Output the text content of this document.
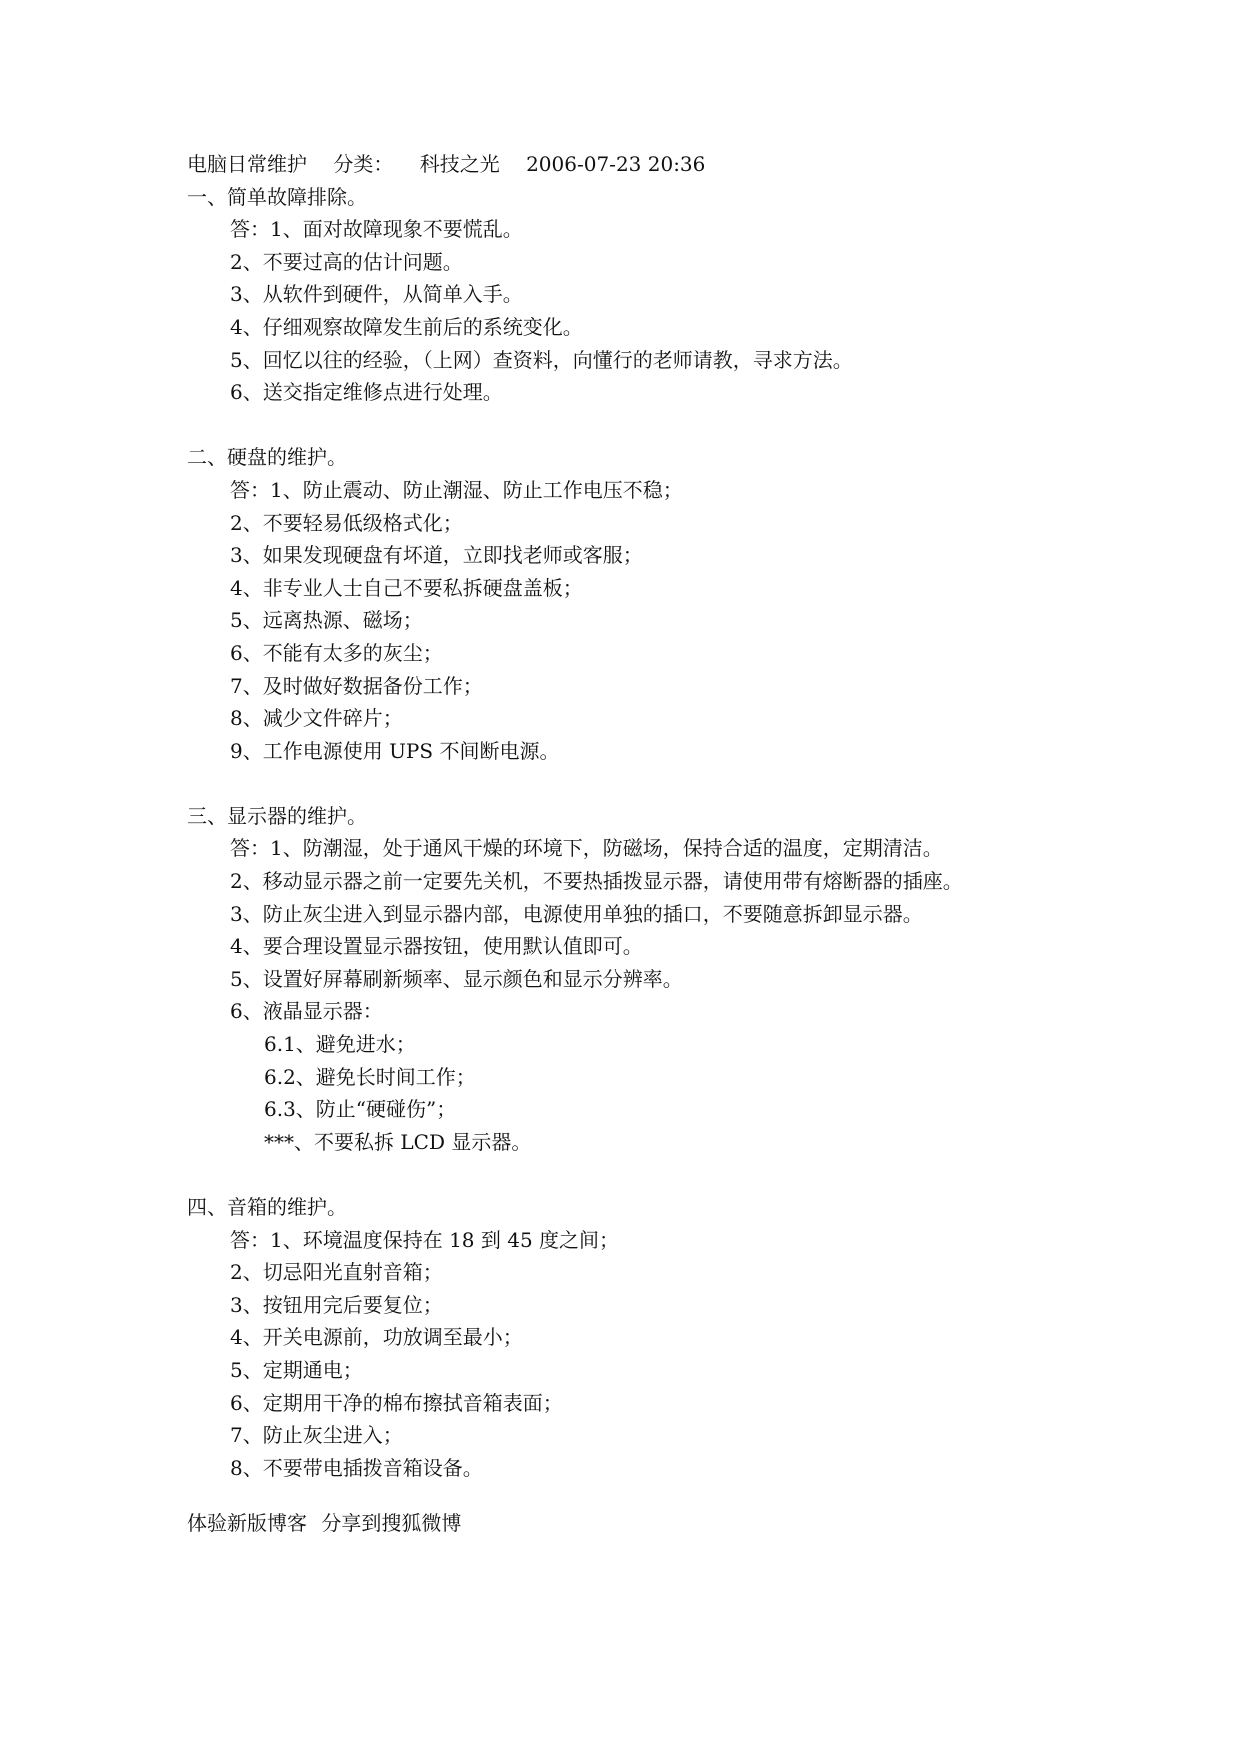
电脑日常维护 分类： 科技之光 2006-07-23 20:36
一、简单故障排除。
答：1、面对故障现象不要慌乱。
2、不要过高的估计问题。
3、从软件到硬件，从简单入手。
4、仔细观察故障发生前后的系统变化。
5、回忆以往的经验，（上网）查资料，向懂行的老师请教，寻求方法。
6、送交指定维修点进行处理。
二、硬盘的维护。
答：1、防止震动、防止潮湿、防止工作电压不稳；
2、不要轻易低级格式化；
3、如果发现硬盘有坏道，立即找老师或客服；
4、非专业人士自己不要私拆硬盘盖板；
5、远离热源、磁场；
6、不能有太多的灰尘；
7、及时做好数据备份工作；
8、减少文件碎片；
9、工作电源使用 UPS 不间断电源。
三、显示器的维护。
答：1、防潮湿，处于通风干燥的环境下，防磁场，保持合适的温度，定期清洁。
2、移动显示器之前一定要先关机，不要热插拨显示器，请使用带有熔断器的插座。
3、防止灰尘进入到显示器内部，电源使用单独的插口，不要随意拆卸显示器。
4、要合理设置显示器按钮，使用默认值即可。
5、设置好屏幕刷新频率、显示颜色和显示分辨率。
6、液晶显示器：
6.1、避免进水；
6.2、避免长时间工作；
6.3、防止“硬碰伤”；
***、不要私拆 LCD 显示器。
四、音箱的维护。
答：1、环境温度保持在 18 到 45 度之间；
2、切忌阳光直射音箱；
3、按钮用完后要复位；
4、开关电源前，功放调至最小；
5、定期通电；
6、定期用干净的棉布擦拭音箱表面；
7、防止灰尘进入；
8、不要带电插拨音箱设备。
体验新版博客 分享到搜狐微博
